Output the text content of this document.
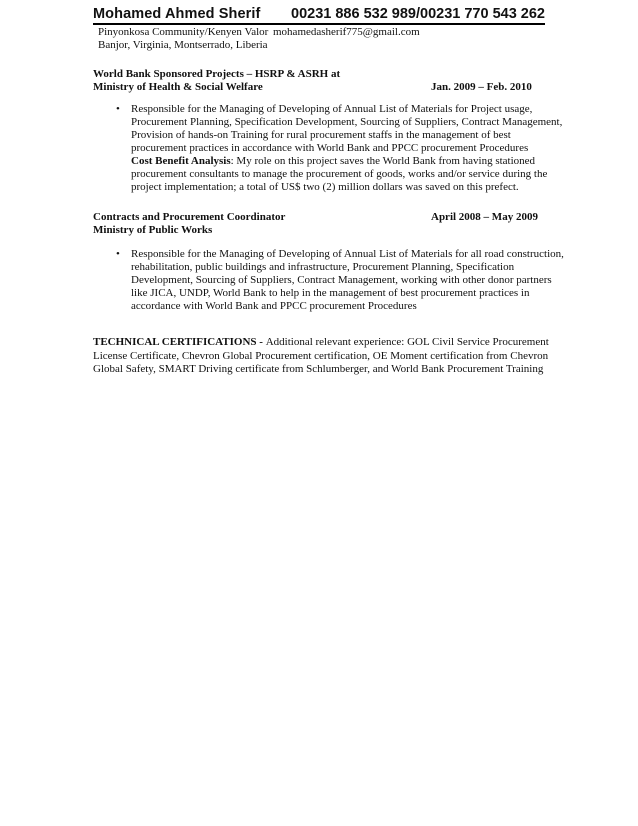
Mohamed Ahmed Sherif 00231 886 532 989/00231 770 543 262
Pinyonkosa Community/Kenyen Valor
Banjor, Virginia, Montserrado, Liberia
mohamedasherif775@gmail.com
World Bank Sponsored Projects – HSRP & ASRH at
Ministry of Health & Social Welfare	Jan. 2009 – Feb. 2010
• Responsible for the Managing of Developing of Annual List of Materials for Project usage,
Procurement Planning, Specification Development, Sourcing of Suppliers, Contract Management,
Provision of hands-on Training for rural procurement staffs in the management of best
procurement practices in accordance with World Bank and PPCC procurement Procedures
Cost Benefit Analysis: My role on this project saves the World Bank from having stationed
procurement consultants to manage the procurement of goods, works and/or service during the
project implementation; a total of US$ two (2) million dollars was saved on this prefect.
Contracts and Procurement Coordinator
Ministry of Public Works
April 2008 – May 2009
• Responsible for the Managing of Developing of Annual List of Materials for all road construction,
rehabilitation, public buildings and infrastructure, Procurement Planning, Specification
Development, Sourcing of Suppliers, Contract Management, working with other donor partners
like JICA, UNDP, World Bank to help in the management of best procurement practices in
accordance with World Bank and PPCC procurement Procedures
TECHNICAL CERTIFICATIONS - Additional relevant experience: GOL Civil Service Procurement
License Certificate, Chevron Global Procurement certification, OE Moment certification from Chevron
Global Safety, SMART Driving certificate from Schlumberger, and World Bank Procurement Training
